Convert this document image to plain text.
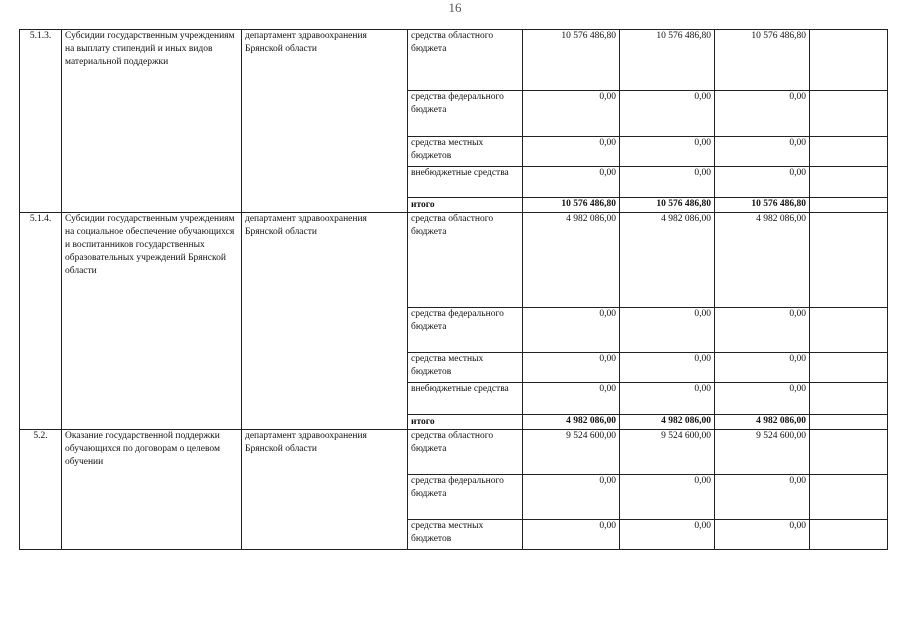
16
5.1.3.	Субсидии государственным учреждениям на выплату стипендий и иных видов материальной поддержки	департамент здравоохранения Брянской области	средства областного бюджета	10 576 486,80	10 576 486,80	10 576 486,80	
			средства федерального бюджета	0,00	0,00	0,00	
			средства местных бюджетов	0,00	0,00	0,00	
			внебюджетные средства	0,00	0,00	0,00	
			итого	10 576 486,80	10 576 486,80	10 576 486,80	
5.1.4.	Субсидии государственным учреждениям на социальное обеспечение обучающихся и воспитанников государственных образовательных учреждений Брянской области	департамент здравоохранения Брянской области	средства областного бюджета	4 982 086,00	4 982 086,00	4 982 086,00	
			средства федерального бюджета	0,00	0,00	0,00	
			средства местных бюджетов	0,00	0,00	0,00	
			внебюджетные средства	0,00	0,00	0,00	
			итого	4 982 086,00	4 982 086,00	4 982 086,00	
5.2.	Оказание государственной поддержки обучающихся по договорам о целевом обучении	департамент здравоохранения Брянской области	средства областного бюджета	9 524 600,00	9 524 600,00	9 524 600,00	
			средства федерального бюджета	0,00	0,00	0,00	
			средства местных бюджетов	0,00	0,00	0,00	
